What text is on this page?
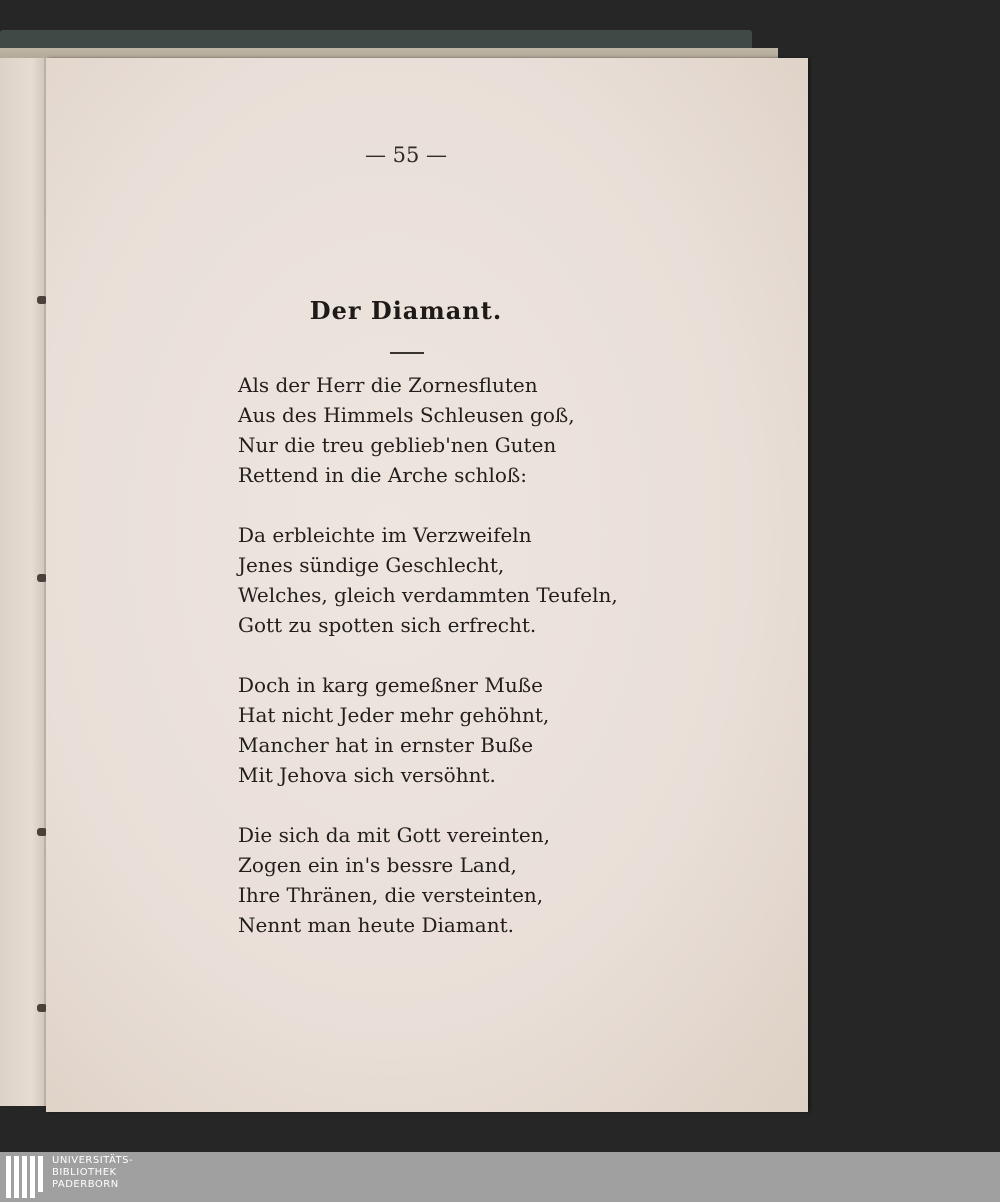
— 55 —
Der Diamant.
Als der Herr die Zornesfluten
Aus des Himmels Schleusen goß,
Nur die treu geblieb'nen Guten
Rettend in die Arche schloß:
Da erbleichte im Verzweifeln
Jenes sündige Geschlecht,
Welches, gleich verdammten Teufeln,
Gott zu spotten sich erfrecht.
Doch in karg gemeßner Muße
Hat nicht Jeder mehr gehöhnt,
Mancher hat in ernster Buße
Mit Jehova sich versöhnt.
Die sich da mit Gott vereinten,
Zogen ein in's bessre Land,
Ihre Thränen, die versteinten,
Nennt man heute Diamant.
UNIVERSITÄTS-
BIBLIOTHEK
PADERBORN
